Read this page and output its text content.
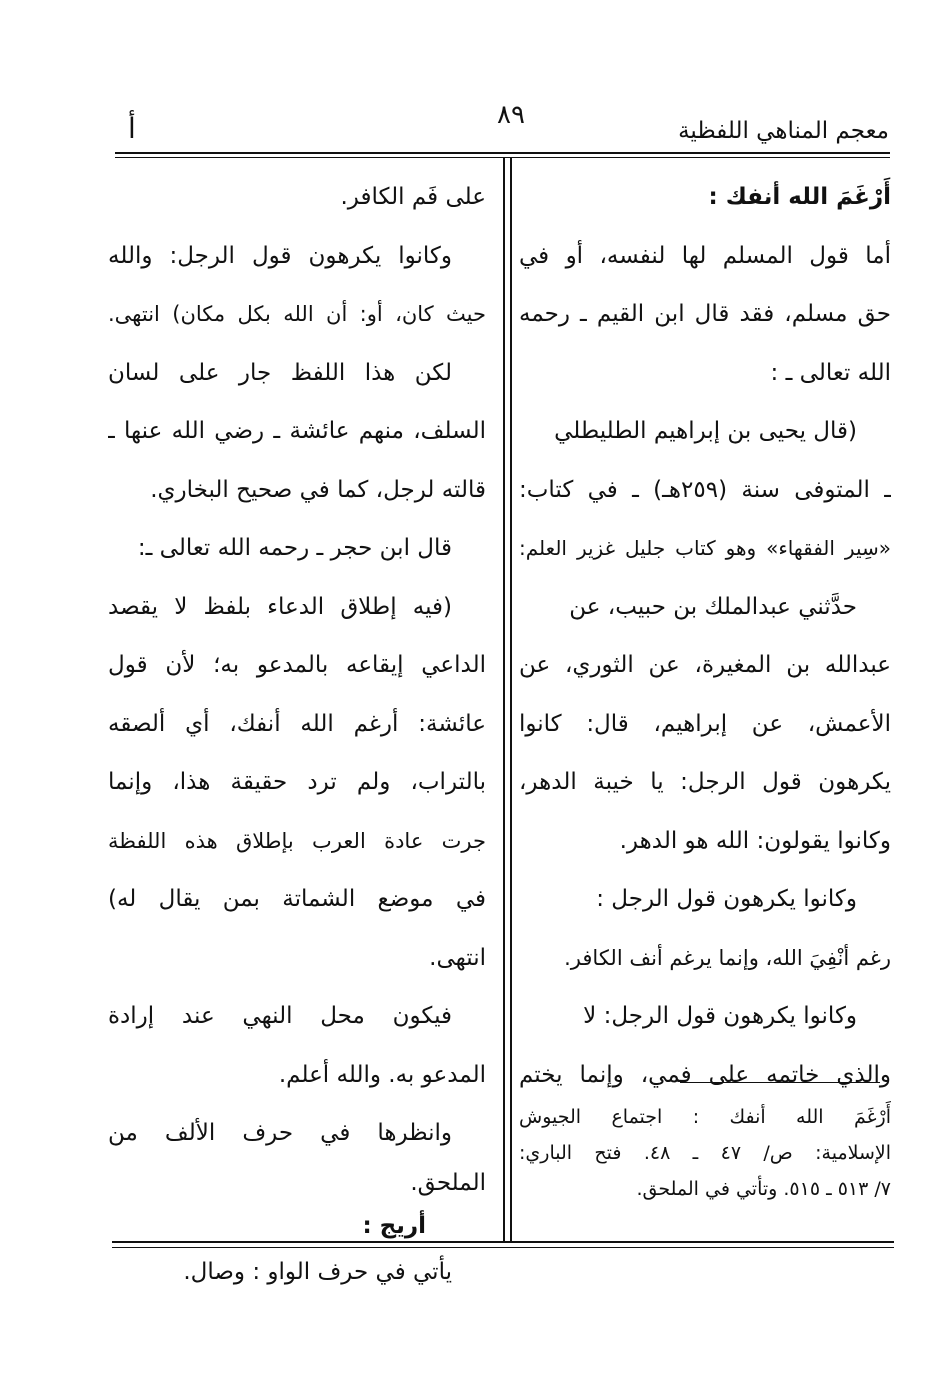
أ	٨٩
معجم المناهي اللفظية
أَرْغَمَ الله أنفك :
أما قول المسلم لها لنفسه، أو في
حق مسلم، فقد قال ابن القيم ـ رحمه
الله تعالى ـ :
(قال يحيى بن إبراهيم الطليطلي
ـ المتوفى سنة (٢٥٩هـ) ـ في كتاب:
«سِير الفقهاء» وهو كتاب جليل غزير العلم:
حدَّثني عبدالملك بن حبيب، عن
عبدالله بن المغيرة، عن الثوري، عن
الأعمش، عن إبراهيم، قال: كانوا
يكرهون قول الرجل: يا خيبة الدهر،
وكانوا يقولون: الله هو الدهر.
وكانوا يكرهون قول الرجل :
رغم أنْفِيَ الله، وإنما يرغم أنف الكافر.
وكانوا يكرهون قول الرجل: لا
والذي خاتمه على فمي، وإنما يختم
أَرْغَمَ الله أنفك : اجتماع الجيوش
الإسلامية: ص/ ٤٧ ـ ٤٨. فتح الباري:
٧/ ٥١٣ ـ ٥١٥. وتأتي في الملحق.
على فَم الكافر.
وكانوا يكرهون قول الرجل: والله
حيث كان، أو: أن الله بكل مكان) انتهى.
لكن هذا اللفظ جار على لسان
السلف، منهم عائشة ـ رضي الله عنها ـ
قالته لرجل، كما في صحيح البخاري.
قال ابن حجر ـ رحمه الله تعالى ـ:
(فيه إطلاق الدعاء بلفظ لا يقصد
الداعي إيقاعه بالمدعو به؛ لأن قول
عائشة: أرغم الله أنفك، أي ألصقه
بالتراب، ولم ترد حقيقة هذا، وإنما
جرت عادة العرب بإطلاق هذه اللفظة
في موضع الشماتة بمن يقال له)
انتهى.
فيكون محل النهي عند إرادة
المدعو به. والله أعلم.
وانظرها في حرف الألف من
الملحق.
أريج :
يأتي في حرف الواو : وصال.
